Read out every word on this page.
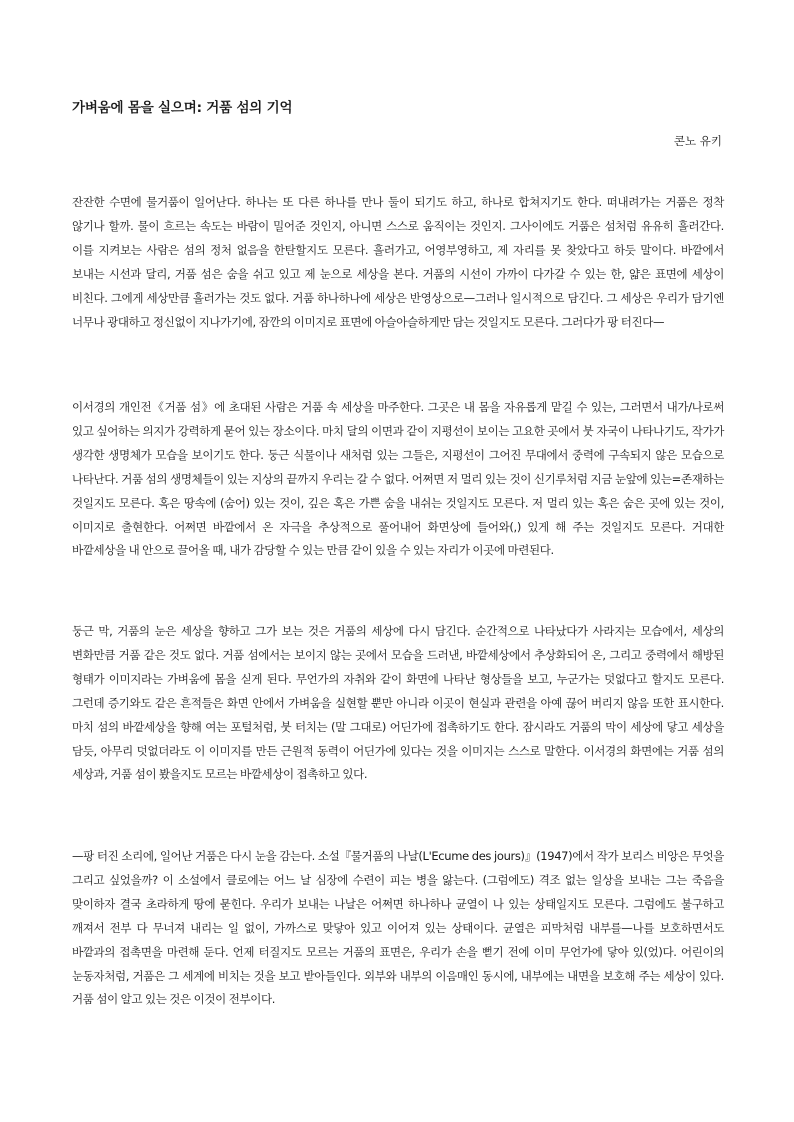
가벼움에 몸을 실으며: 거품 섬의 기억
콘노 유키

잔잔한 수면에 물거품이 일어난다. 하나는 또 다른 하나를 만나 둘이 되기도 하고, 하나로 합쳐지기도 한다. 떠내려가는 거품은 정착 않기나 할까. 물이 흐르는 속도는 바람이 밀어준 것인지, 아니면 스스로 움직이는 것인지. 그사이에도 거품은 섬처럼 유유히 흘러간다. 이를 지켜보는 사람은 섬의 정처 없음을 한탄할지도 모른다. 흘러가고, 어영부영하고, 제 자리를 못 찾았다고 하듯 말이다. 바깥에서 보내는 시선과 달리, 거품 섬은 숨을 쉬고 있고 제 눈으로 세상을 본다. 거품의 시선이 가까이 다가갈 수 있는 한, 얇은 표면에 세상이 비친다. 그에게 세상만큼 흘러가는 것도 없다. 거품 하나하나에 세상은 반영상으로—그러나 일시적으로 담긴다. 그 세상은 우리가 담기엔 너무나 광대하고 정신없이 지나가기에, 잠깐의 이미지로 표면에 아슬아슬하게만 담는 것일지도 모른다. 그러다가 팡 터진다—

이서경의 개인전《거품 섬》에 초대된 사람은 거품 속 세상을 마주한다. 그곳은 내 몸을 자유롭게 맡길 수 있는, 그러면서 내가/나로써 있고 싶어하는 의지가 강력하게 묻어 있는 장소이다. 마치 달의 이면과 같이 지평선이 보이는 고요한 곳에서 붓 자국이 나타나기도, 작가가 생각한 생명체가 모습을 보이기도 한다. 둥근 식물이나 새처럼 있는 그들은, 지평선이 그어진 무대에서 중력에 구속되지 않은 모습으로 나타난다. 거품 섬의 생명체들이 있는 지상의 끝까지 우리는 갈 수 없다. 어쩌면 저 멀리 있는 것이 신기루처럼 지금 눈앞에 있는=존재하는 것일지도 모른다. 혹은 땅속에 (숨어) 있는 것이, 깊은 혹은 가쁜 숨을 내쉬는 것일지도 모른다. 저 멀리 있는 혹은 숨은 곳에 있는 것이, 이미지로 출현한다. 어쩌면 바깥에서 온 자극을 추상적으로 풀어내어 화면상에 들어와(,) 있게 해 주는 것일지도 모른다. 거대한 바깥세상을 내 안으로 끌어올 때, 내가 감당할 수 있는 만큼 같이 있을 수 있는 자리가 이곳에 마련된다.

둥근 막, 거품의 눈은 세상을 향하고 그가 보는 것은 거품의 세상에 다시 담긴다. 순간적으로 나타났다가 사라지는 모습에서, 세상의 변화만큼 거품 같은 것도 없다. 거품 섬에서는 보이지 않는 곳에서 모습을 드러낸, 바깥세상에서 추상화되어 온, 그리고 중력에서 해방된 형태가 이미지라는 가벼움에 몸을 싣게 된다. 무언가의 자취와 같이 화면에 나타난 형상들을 보고, 누군가는 덧없다고 할지도 모른다. 그런데 증기와도 같은 흔적들은 화면 안에서 가벼움을 실현할 뿐만 아니라 이곳이 현실과 관련을 아예 끊어 버리지 않음 또한 표시한다. 마치 섬의 바깥세상을 향해 여는 포털처럼, 붓 터치는 (말 그대로) 어딘가에 접촉하기도 한다. 잠시라도 거품의 막이 세상에 닿고 세상을 담듯, 아무리 덧없더라도 이 이미지를 만든 근원적 동력이 어딘가에 있다는 것을 이미지는 스스로 말한다. 이서경의 화면에는 거품 섬의 세상과, 거품 섬이 봤을지도 모르는 바깥세상이 접촉하고 있다.

—팡 터진 소리에, 일어난 거품은 다시 눈을 감는다. 소설『물거품의 나날(L'Ecume des jours)』(1947)에서 작가 보리스 비앙은 무엇을 그리고 싶었을까? 이 소설에서 클로에는 어느 날 심장에 수련이 피는 병을 앓는다. (그럼에도) 격조 없는 일상을 보내는 그는 죽음을 맞이하자 결국 초라하게 땅에 묻힌다. 우리가 보내는 나날은 어쩌면 하나하나 균열이 나 있는 상태일지도 모른다. 그럼에도 불구하고 깨져서 전부 다 무너져 내리는 일 없이, 가까스로 맞닿아 있고 이어져 있는 상태이다. 균열은 피막처럼 내부를—나를 보호하면서도 바깥과의 접촉면을 마련해 둔다. 언제 터질지도 모르는 거품의 표면은, 우리가 손을 뻗기 전에 이미 무언가에 닿아 있(었)다. 어린이의 눈동자처럼, 거품은 그 세계에 비치는 것을 보고 받아들인다. 외부와 내부의 이음매인 동시에, 내부에는 내면을 보호해 주는 세상이 있다. 거품 섬이 알고 있는 것은 이것이 전부이다.
